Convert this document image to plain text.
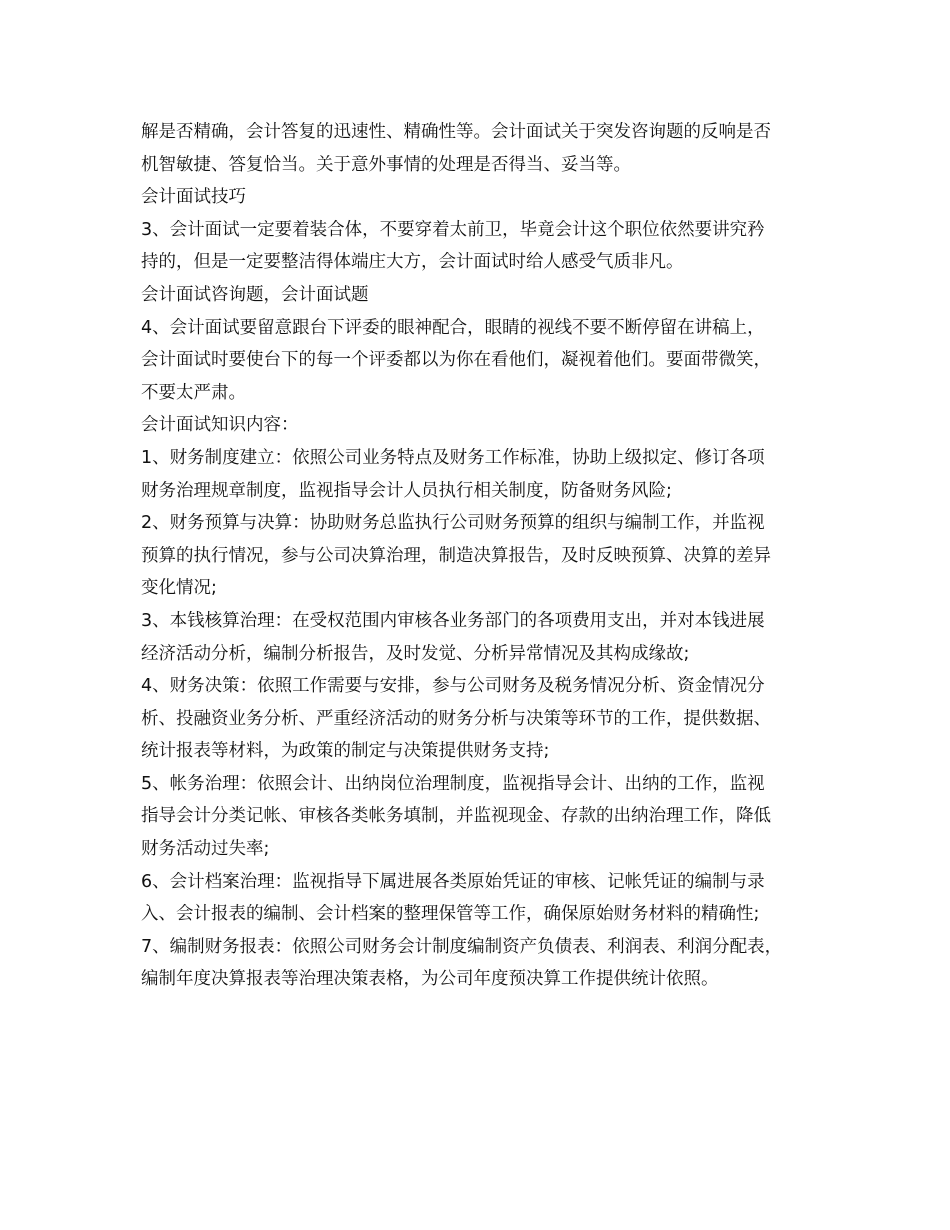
解是否精确，会计答复的迅速性、精确性等。会计面试关于突发咨询题的反响是否
机智敏捷、答复恰当。关于意外事情的处理是否得当、妥当等。
会计面试技巧
3、会计面试一定要着装合体，不要穿着太前卫，毕竟会计这个职位依然要讲究矜
持的，但是一定要整洁得体端庄大方，会计面试时给人感受气质非凡。
会计面试咨询题，会计面试题
4、会计面试要留意跟台下评委的眼神配合，眼睛的视线不要不断停留在讲稿上，
会计面试时要使台下的每一个评委都以为你在看他们，凝视着他们。要面带微笑，
不要太严肃。
会计面试知识内容：
1、财务制度建立：依照公司业务特点及财务工作标准，协助上级拟定、修订各项
财务治理规章制度，监视指导会计人员执行相关制度，防备财务风险;
2、财务预算与决算：协助财务总监执行公司财务预算的组织与编制工作，并监视
预算的执行情况，参与公司决算治理，制造决算报告，及时反映预算、决算的差异
变化情况;
3、本钱核算治理：在受权范围内审核各业务部门的各项费用支出，并对本钱进展
经济活动分析，编制分析报告，及时发觉、分析异常情况及其构成缘故;
4、财务决策：依照工作需要与安排，参与公司财务及税务情况分析、资金情况分
析、投融资业务分析、严重经济活动的财务分析与决策等环节的工作，提供数据、
统计报表等材料，为政策的制定与决策提供财务支持;
5、帐务治理：依照会计、出纳岗位治理制度，监视指导会计、出纳的工作，监视
指导会计分类记帐、审核各类帐务填制，并监视现金、存款的出纳治理工作，降低
财务活动过失率;
6、会计档案治理：监视指导下属进展各类原始凭证的审核、记帐凭证的编制与录
入、会计报表的编制、会计档案的整理保管等工作，确保原始财务材料的精确性;
7、编制财务报表：依照公司财务会计制度编制资产负债表、利润表、利润分配表，
编制年度决算报表等治理决策表格，为公司年度预决算工作提供统计依照。
